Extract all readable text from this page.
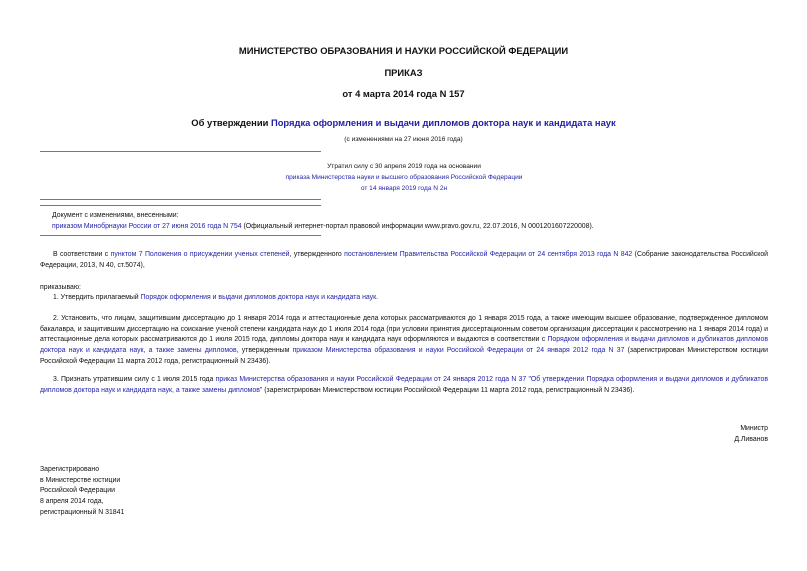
МИНИСТЕРСТВО ОБРАЗОВАНИЯ И НАУКИ РОССИЙСКОЙ ФЕДЕРАЦИИ
ПРИКАЗ
от 4 марта 2014 года N 157
Об утверждении Порядка оформления и выдачи дипломов доктора наук и кандидата наук
(с изменениями на 27 июня 2016 года)
Утратил силу с 30 апреля 2019 года на основании
приказа Министерства науки и высшего образования Российской Федерации
от 14 января 2019 года N 2н
Документ с изменениями, внесенными:
приказом Минобрнауки России от 27 июня 2016 года N 754 (Официальный интернет-портал правовой информации www.pravo.gov.ru, 22.07.2016, N 0001201607220008).
В соответствии с пунктом 7 Положения о присуждении ученых степеней, утвержденного постановлением Правительства Российской Федерации от 24 сентября 2013 года N 842 (Собрание законодательства Российской Федерации, 2013, N 40, ст.5074),
приказываю:
1. Утвердить прилагаемый Порядок оформления и выдачи дипломов доктора наук и кандидата наук.
2. Установить, что лицам, защитившим диссертацию до 1 января 2014 года и аттестационные дела которых рассматриваются до 1 января 2015 года, а также имеющим высшее образование, подтвержденное дипломом бакалавра, и защитившим диссертацию на соискание ученой степени кандидата наук до 1 июля 2014 года (при условии принятия диссертационным советом организации диссертации к рассмотрению на 1 января 2014 года) и аттестационные дела которых рассматриваются до 1 июля 2015 года, дипломы доктора наук и кандидата наук оформляются и выдаются в соответствии с Порядком оформления и выдачи дипломов и дубликатов дипломов доктора наук и кандидата наук, а также замены дипломов, утвержденным приказом Министерства образования и науки Российской Федерации от 24 января 2012 года N 37 (зарегистрирован Министерством юстиции Российской Федерации 11 марта 2012 года, регистрационный N 23436).
3. Признать утратившим силу с 1 июля 2015 года приказ Министерства образования и науки Российской Федерации от 24 января 2012 года N 37 "Об утверждении Порядка оформления и выдачи дипломов и дубликатов дипломов доктора наук и кандидата наук, а также замены дипломов" (зарегистрирован Министерством юстиции Российской Федерации 11 марта 2012 года, регистрационный N 23436).
Министр
Д.Ливанов
Зарегистрировано
в Министерстве юстиции
Российской Федерации
8 апреля 2014 года,
регистрационный N 31841
